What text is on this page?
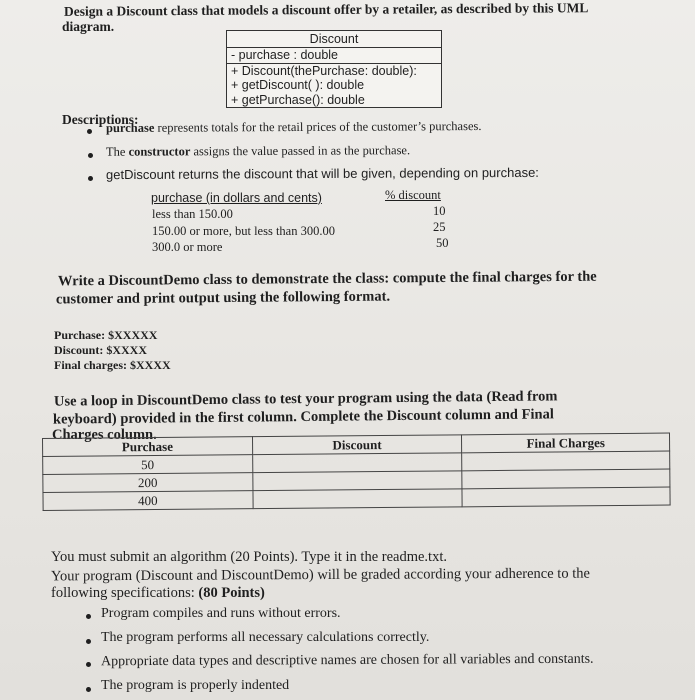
Design a Discount class that models a discount offer by a retailer, as described by this UML
diagram.
Discount
- purchase : double
+ Discount(thePurchase: double):
+ getDiscount( ): double
+ getPurchase(): double
Descriptions:
purchase represents totals for the retail prices of the customer’s purchases.
The constructor assigns the value passed in as the purchase.
getDiscount returns the discount that will be given, depending on purchase:
purchase (in dollars and cents)	% discount
less than 150.00	10
150.00 or more, but less than 300.00	25
300.0 or more	50
Write a DiscountDemo class to demonstrate the class: compute the final charges for the
customer and print output using the following format.
Purchase: $XXXXX
Discount: $XXXX
Final charges: $XXXX
Use a loop in DiscountDemo class to test your program using the data (Read from
keyboard) provided in the first column. Complete the Discount column and Final
Charges column.
Purchase	Discount	Final Charges
50		
200		
400		
You must submit an algorithm (20 Points). Type it in the readme.txt.
Your program (Discount and DiscountDemo) will be graded according your adherence to the
following specifications: (80 Points)
Program compiles and runs without errors.
The program performs all necessary calculations correctly.
Appropriate data types and descriptive names are chosen for all variables and constants.
The program is properly indented
